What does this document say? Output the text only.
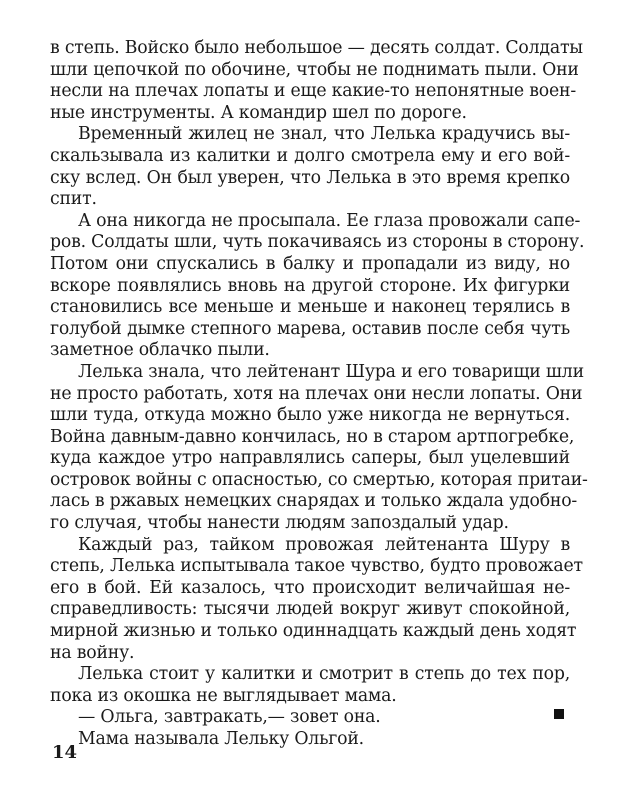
в степь. Войско было небольшое — десять солдат. Солдаты
шли цепочкой по обочине, чтобы не поднимать пыли. Они
несли на плечах лопаты и еще какие-то непонятные воен-
ные инструменты. А командир шел по дороге.
Временный жилец не знал, что Лелька крадучись вы-
скальзывала из калитки и долго смотрела ему и его вой-
ску вслед. Он был уверен, что Лелька в это время крепко
спит.
А она никогда не просыпала. Ее глаза провожали сапе-
ров. Солдаты шли, чуть покачиваясь из стороны в сторону.
Потом они спускались в балку и пропадали из виду, но
вскоре появлялись вновь на другой стороне. Их фигурки
становились все меньше и меньше и наконец терялись в
голубой дымке степного марева, оставив после себя чуть
заметное облачко пыли.
Лелька знала, что лейтенант Шура и его товарищи шли
не просто работать, хотя на плечах они несли лопаты. Они
шли туда, откуда можно было уже никогда не вернуться.
Война давным-давно кончилась, но в старом артпогребке,
куда каждое утро направлялись саперы, был уцелевший
островок войны с опасностью, со смертью, которая притаи-
лась в ржавых немецких снарядах и только ждала удобно-
го случая, чтобы нанести людям запоздалый удар.
Каждый раз, тайком провожая лейтенанта Шуру в
степь, Лелька испытывала такое чувство, будто провожает
его в бой. Ей казалось, что происходит величайшая не-
справедливость: тысячи людей вокруг живут спокойной,
мирной жизнью и только одиннадцать каждый день ходят
на войну.
Лелька стоит у калитки и смотрит в степь до тех пор,
пока из окошка не выглядывает мама.
— Ольга, завтракать,— зовет она.
Мама называла Лельку Ольгой.
14
